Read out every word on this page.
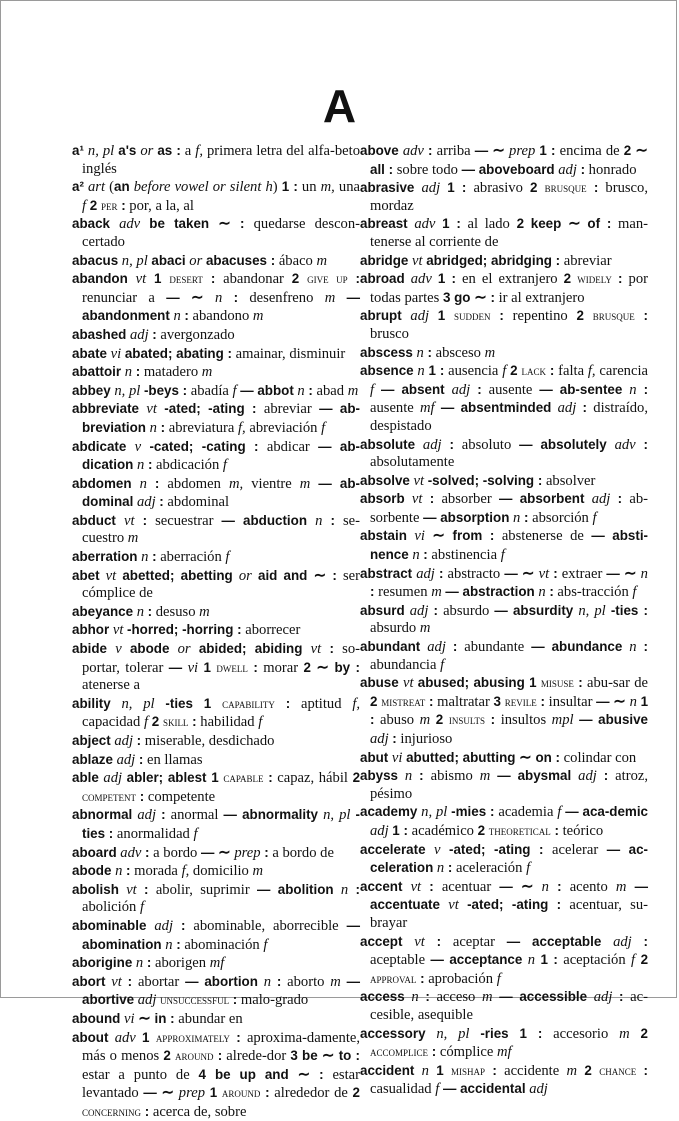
A

a¹ n, pl a's or as : a f, primera letra del alfa-beto inglés

a² art (an before vowel or silent h) 1 : un m, una f 2 per : por, a la, al

aback adv be taken ∼ : quedarse descon-certado

abacus n, pl abaci or abacuses : ábaco m

abandon vt 1 desert : abandonar 2 give up : renunciar a — ∼ n : desenfreno m — abandonment n : abandono m

abashed adj : avergonzado

abate vi abated; abating : amainar, disminuir

abattoir n : matadero m

abbey n, pl -beys : abadía f — abbot n : abad m

abbreviate vt -ated; -ating : abreviar — ab-breviation n : abreviatura f, abreviación f

abdicate v -cated; -cating : abdicar — ab-dication n : abdicación f

abdomen n : abdomen m, vientre m — ab-dominal adj : abdominal

abduct vt : secuestrar — abduction n : se-cuestro m

aberration n : aberración f

abet vt abetted; abetting or aid and ∼ : ser cómplice de

abeyance n : desuso m

abhor vt -horred; -horring : aborrecer

abide v abode or abided; abiding vt : so-portar, tolerar — vi 1 dwell : morar 2 ∼ by : atenerse a

ability n, pl -ties 1 capability : aptitud f, capacidad f 2 skill : habilidad f

abject adj : miserable, desdichado

ablaze adj : en llamas

able adj abler; ablest 1 capable : capaz, hábil 2 competent : competente

abnormal adj : anormal — abnormality n, pl -ties : anormalidad f

aboard adv : a bordo — ∼ prep : a bordo de

abode n : morada f, domicilio m

abolish vt : abolir, suprimir — abolition n : abolición f

abominable adj : abominable, aborrecible — abomination n : abominación f

aborigine n : aborigen mf

abort vt : abortar — abortion n : aborto m — abortive adj unsuccessful : malo-grado

abound vi ∼ in : abundar en

about adv 1 approximately : aproxima-damente, más o menos 2 around : alrede-dor 3 be ∼ to : estar a punto de 4 be up and ∼ : estar levantado — ∼ prep 1 around : alrededor de 2 concerning : acerca de, sobre

above adv : arriba — ∼ prep 1 : encima de 2 ∼ all : sobre todo — aboveboard adj : honrado

abrasive adj 1 : abrasivo 2 brusque : brusco, mordaz

abreast adv 1 : al lado 2 keep ∼ of : man-tenerse al corriente de

abridge vt abridged; abridging : abreviar

abroad adv 1 : en el extranjero 2 widely : por todas partes 3 go ∼ : ir al extranjero

abrupt adj 1 sudden : repentino 2 brusque : brusco

abscess n : absceso m

absence n 1 : ausencia f 2 lack : falta f, carencia f — absent adj : ausente — ab-sentee n : ausente mf — absentminded adj : distraído, despistado

absolute adj : absoluto — absolutely adv : absolutamente

absolve vt -solved; -solving : absolver

absorb vt : absorber — absorbent adj : ab-sorbente — absorption n : absorción f

abstain vi ∼ from : abstenerse de — absti-nence n : abstinencia f

abstract adj : abstracto — ∼ vt : extraer — ∼ n : resumen m — abstraction n : abs-tracción f

absurd adj : absurdo — absurdity n, pl -ties : absurdo m

abundant adj : abundante — abundance n : abundancia f

abuse vt abused; abusing 1 misuse : abu-sar de 2 mistreat : maltratar 3 revile : insultar — ∼ n 1 : abuso m 2 insults : insultos mpl — abusive adj : injurioso

abut vi abutted; abutting ∼ on : colindar con

abyss n : abismo m — abysmal adj : atroz, pésimo

academy n, pl -mies : academia f — aca-demic adj 1 : académico 2 theoretical : teórico

accelerate v -ated; -ating : acelerar — ac-celeration n : aceleración f

accent vt : acentuar — ∼ n : acento m — accentuate vt -ated; -ating : acentuar, su-brayar

accept vt : aceptar — acceptable adj : aceptable — acceptance n 1 : aceptación f 2 approval : aprobación f

access n : acceso m — accessible adj : ac-cesible, asequible

accessory n, pl -ries 1 : accesorio m 2 accomplice : cómplice mf

accident n 1 mishap : accidente m 2 chance : casualidad f — accidental adj
